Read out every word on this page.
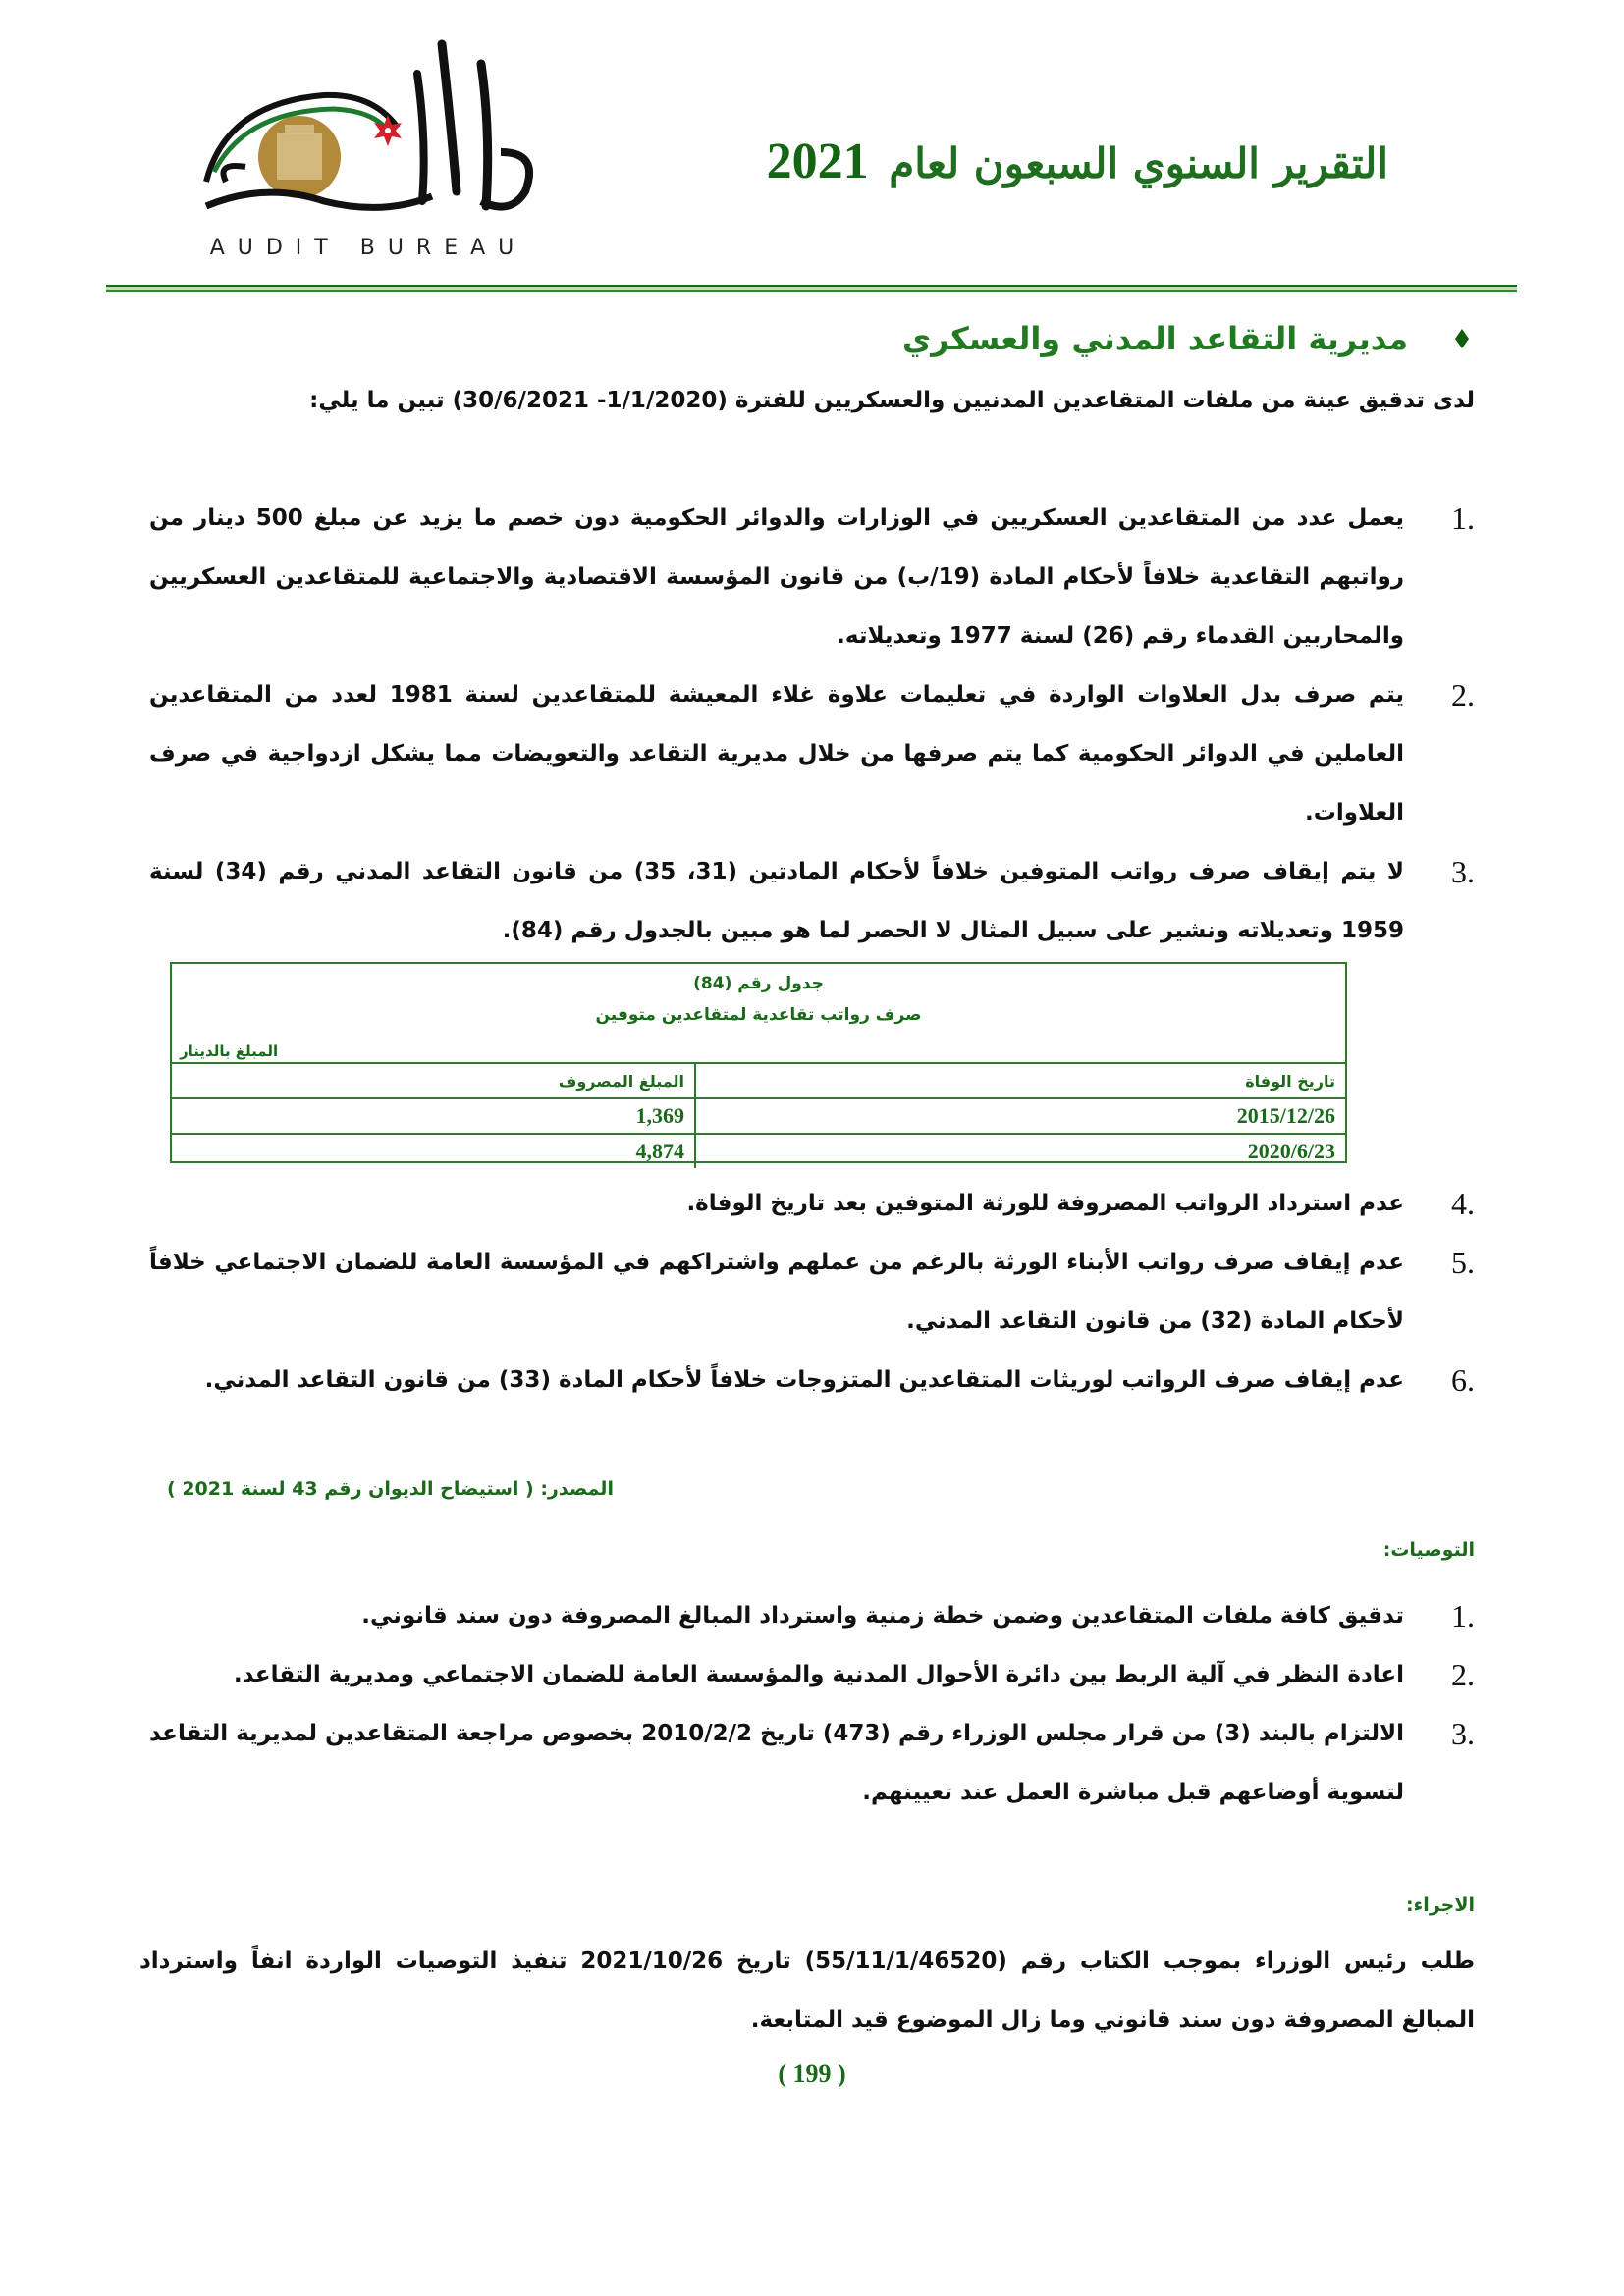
AUDIT BUREAU
التقرير السنوي السبعون لعام 2021
مديرية التقاعد المدني والعسكري
لدى تدقيق عينة من ملفات المتقاعدين المدنيين والعسكريين للفترة (1/1/2020- 30/6/2021) تبين ما يلي:
1.
يعمل عدد من المتقاعدين العسكريين في الوزارات والدوائر الحكومية دون خصم ما يزيد عن مبلغ 500 دينار من رواتبهم التقاعدية خلافاً لأحكام المادة (19/ب) من قانون المؤسسة الاقتصادية والاجتماعية للمتقاعدين العسكريين والمحاربين القدماء رقم (26) لسنة 1977 وتعديلاته.
2.
يتم صرف بدل العلاوات الواردة في تعليمات علاوة غلاء المعيشة للمتقاعدين لسنة 1981 لعدد من المتقاعدين العاملين في الدوائر الحكومية كما يتم صرفها من خلال مديرية التقاعد والتعويضات مما يشكل ازدواجية في صرف العلاوات.
3.
لا يتم إيقاف صرف رواتب المتوفين خلافاً لأحكام المادتين (31، 35) من قانون التقاعد المدني رقم (34) لسنة 1959 وتعديلاته ونشير على سبيل المثال لا الحصر لما هو مبين بالجدول رقم (84).
جدول رقم (84)
صرف رواتب تقاعدية لمتقاعدين متوفين
المبلغ بالدينار
تاريخ الوفاة
المبلغ المصروف
2015/12/26
1,369
2020/6/23
4,874
4.
عدم استرداد الرواتب المصروفة للورثة المتوفين بعد تاريخ الوفاة.
5.
عدم إيقاف صرف رواتب الأبناء الورثة بالرغم من عملهم واشتراكهم في المؤسسة العامة للضمان الاجتماعي خلافاً لأحكام المادة (32) من قانون التقاعد المدني.
6.
عدم إيقاف صرف الرواتب لوريثات المتقاعدين المتزوجات خلافاً لأحكام المادة (33) من قانون التقاعد المدني.
المصدر: ( استيضاح الديوان رقم 43 لسنة 2021 )
التوصيات:
1.
تدقيق كافة ملفات المتقاعدين وضمن خطة زمنية واسترداد المبالغ المصروفة دون سند قانوني.
2.
اعادة النظر في آلية الربط بين دائرة الأحوال المدنية والمؤسسة العامة للضمان الاجتماعي ومديرية التقاعد.
3.
الالتزام بالبند (3) من قرار مجلس الوزراء رقم (473) تاريخ 2010/2/2 بخصوص مراجعة المتقاعدين لمديرية التقاعد لتسوية أوضاعهم قبل مباشرة العمل عند تعيينهم.
الاجراء:
طلب رئيس الوزراء بموجب الكتاب رقم (55/11/1/46520) تاريخ 2021/10/26 تنفيذ التوصيات الواردة انفاً واسترداد المبالغ المصروفة دون سند قانوني وما زال الموضوع قيد المتابعة.
( 199 )
